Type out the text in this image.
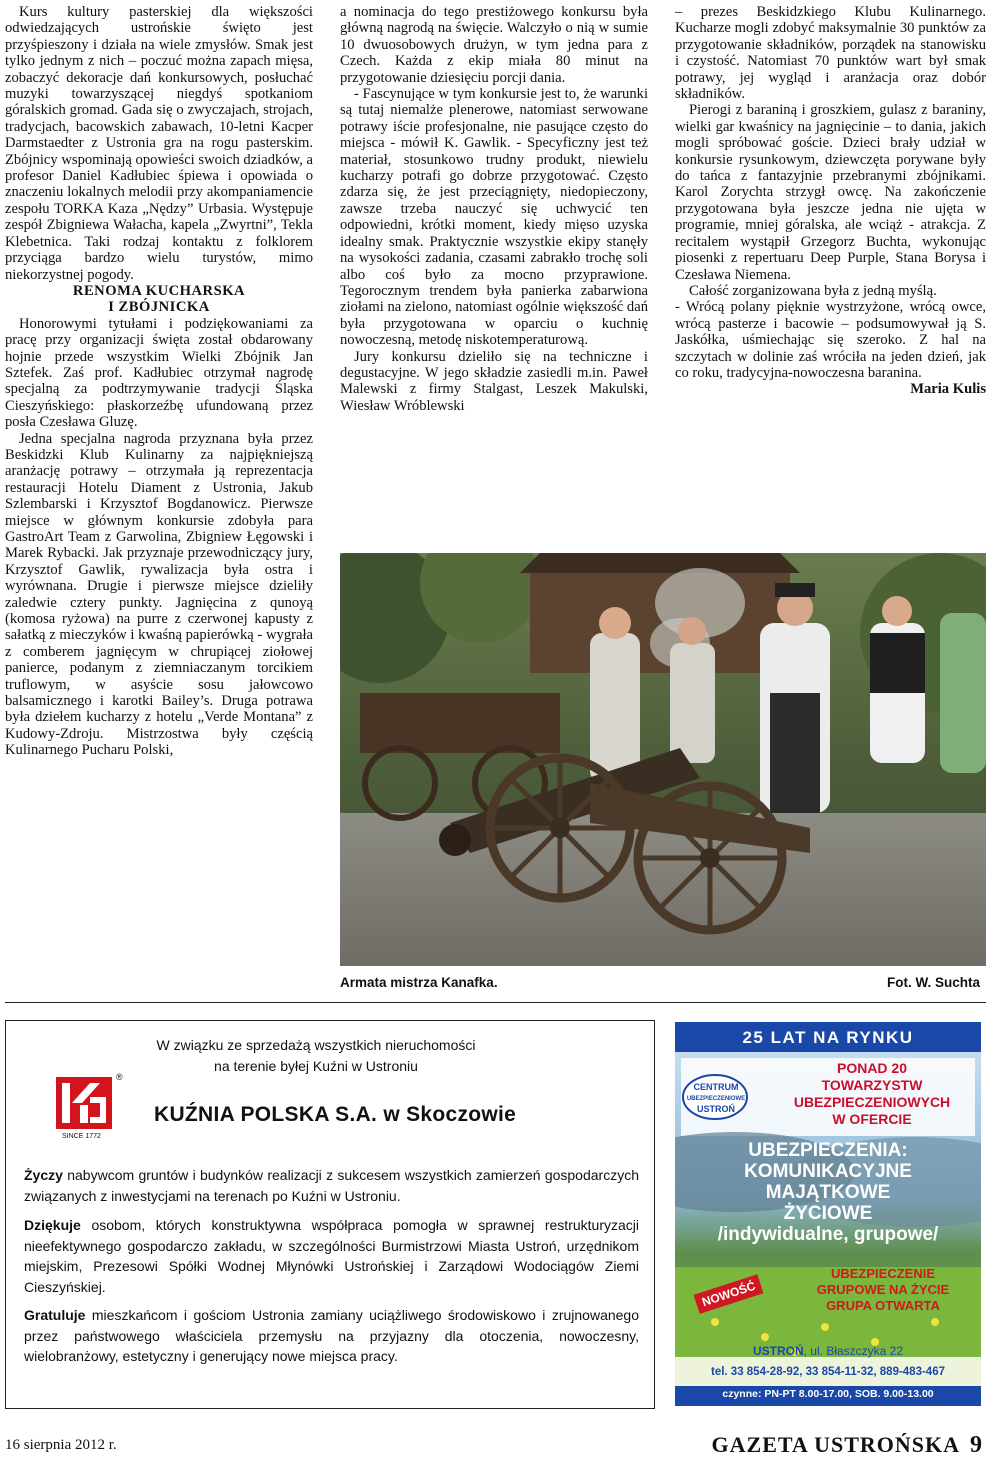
Kurs kultury pasterskiej dla większości odwiedzających ustrońskie święto jest przyśpieszony i działa na wiele zmysłów. Smak jest tylko jednym z nich – poczuć można zapach mięsa, zobaczyć dekoracje dań konkursowych, posłuchać muzyki towarzyszącej niegdyś spotkaniom góralskich gromad. Gada się o zwyczajach, strojach, tradycjach, bacowskich zabawach, 10-letni Kacper Darmstaedter z Ustronia gra na rogu pasterskim. Zbójnicy wspominają opowieści swoich dziadków, a profesor Daniel Kadłubiec śpiewa i opowiada o znaczeniu lokalnych melodii przy akompaniamencie zespołu TORKA Kaza „Nędzy” Urbasia. Występuje zespół Zbigniewa Wałacha, kapela „Zwyrtni”, Tekla Klebetnica. Taki rodzaj kontaktu z folklorem przyciąga bardzo wielu turystów, mimo niekorzystnej pogody.

RENOMA KUCHARSKA
I ZBÓJNICKA

Honorowymi tytułami i podziękowaniami za pracę przy organizacji święta został obdarowany hojnie przede wszystkim Wielki Zbójnik Jan Sztefek. Zaś prof. Kadłubiec otrzymał nagrodę specjalną za podtrzymywanie tradycji Śląska Cieszyńskiego: płaskorzeźbę ufundowaną przez posła Czesława Gluzę.

Jedna specjalna nagroda przyznana była przez Beskidzki Klub Kulinarny za najpiękniejszą aranżację potrawy – otrzymała ją reprezentacja restauracji Hotelu Diament z Ustronia, Jakub Szlembarski i Krzysztof Bogdanowicz. Pierwsze miejsce w głównym konkursie zdobyła para GastroArt Team z Garwolina, Zbigniew Łęgowski i Marek Rybacki. Jak przyznaje przewodniczący jury, Krzysztof Gawlik, rywalizacja była ostra i wyrównana. Drugie i pierwsze miejsce dzieliły zaledwie cztery punkty. Jagnięcina z qunoyą (komosa ryżowa) na purre z czerwonej kapusty z sałatką z mieczyków i kwaśną papierówką - wygrała z comberem jagnięcym w chrupiącej ziołowej panierce, podanym z ziemniaczanym torcikiem truflowym, w asyście sosu jałowcowo balsamicznego i karotki Bailey’s. Druga potrawa była dziełem kucharzy z hotelu „Verde Montana” z Kudowy-Zdroju. Mistrzostwa były częścią Kulinarnego Pucharu Polski,

a nominacja do tego prestiżowego konkursu była główną nagrodą na święcie. Walczyło o nią w sumie 10 dwuosobowych drużyn, w tym jedna para z Czech. Każda z ekip miała 80 minut na przygotowanie dziesięciu porcji dania.

- Fascynujące w tym konkursie jest to, że warunki są tutaj niemalże plenerowe, natomiast serwowane potrawy iście profesjonalne, nie pasujące często do miejsca - mówił K. Gawlik. - Specyficzny jest też materiał, stosunkowo trudny produkt, niewielu kucharzy potrafi go dobrze przygotować. Często zdarza się, że jest przeciągnięty, niedopieczony, zawsze trzeba nauczyć się uchwycić ten odpowiedni, krótki moment, kiedy mięso uzyska idealny smak. Praktycznie wszystkie ekipy stanęły na wysokości zadania, czasami zabrakło trochę soli albo coś było za mocno przyprawione. Tegorocznym trendem była panierka zabarwiona ziołami na zielono, natomiast ogólnie większość dań była przygotowana w oparciu o kuchnię nowoczesną, metodę niskotemperaturową.

Jury konkursu dzieliło się na techniczne i degustacyjne. W jego składzie zasiedli m.in. Paweł Malewski z firmy Stalgast, Leszek Makulski, Wiesław Wróblewski

– prezes Beskidzkiego Klubu Kulinarnego. Kucharze mogli zdobyć maksymalnie 30 punktów za przygotowanie składników, porządek na stanowisku i czystość. Natomiast 70 punktów wart był smak potrawy, jej wygląd i aranżacja oraz dobór składników.

Pierogi z baraniną i groszkiem, gulasz z baraniny, wielki gar kwaśnicy na jagnięcinie – to dania, jakich mogli spróbować goście. Dzieci brały udział w konkursie rysunkowym, dziewczęta porywane były do tańca z fantazyjnie przebranymi zbójnikami. Karol Zorychta strzygł owcę. Na zakończenie przygotowana była jeszcze jedna nie ujęta w programie, mniej góralska, ale wciąż - atrakcja. Z recitalem wystąpił Grzegorz Buchta, wykonując piosenki z repertuaru Deep Purple, Stana Borysa i Czesława Niemena.

Całość zorganizowana była z jedną myślą.

- Wrócą polany pięknie wystrzyżone, wrócą owce, wrócą pasterze i bacowie – podsumowywał ją S. Jaskółka, uśmiechając się szeroko. Z hal na szczytach w dolinie zaś wróciła na jeden dzień, jak co roku, tradycyjna-nowoczesna baranina.

Maria Kulis
Armata mistrza Kanafka.	Fot. W. Suchta
W związku ze sprzedażą wszystkich nieruchomości
na terenie byłej Kuźni w Ustroniu
®
SINCE 1772
KUŹNIA POLSKA S.A. w Skoczowie
Życzy nabywcom gruntów i budynków realizacji z sukcesem wszystkich zamierzeń gospodarczych związanych z inwestycjami na terenach po Kuźni w Ustroniu.
Dziękuje osobom, których konstruktywna współpraca pomogła w sprawnej restrukturyzacji nieefektywnego gospodarczo zakładu, w szczególności Burmistrzowi Miasta Ustroń, urzędnikom miejskim, Prezesowi Spółki Wodnej Młynówki Ustrońskiej i Zarządowi Wodociągów Ziemi Cieszyńskiej.
Gratuluje mieszkańcom i gościom Ustronia zamiany uciążliwego środowiskowo i zrujnowanego przez państwowego właściciela przemysłu na przyjazny dla otoczenia, nowoczesny, wielobranżowy, estetyczny i generujący nowe miejsca pracy.
25 LAT NA RYNKU
CENTRUM
UBEZPIECZENIOWE
USTROŃ
PONAD 20
TOWARZYSTW
UBEZPIECZENIOWYCH
W OFERCIE
UBEZPIECZENIA:
KOMUNIKACYJNE
MAJĄTKOWE
ŻYCIOWE
/indywidualne, grupowe/
NOWOŚĆ
UBEZPIECZENIE
GRUPOWE NA ŻYCIE
GRUPA OTWARTA
USTROŃ, ul. Błaszczyka 22
tel. 33 854-28-92, 33 854-11-32, 889-483-467
czynne: PN-PT 8.00-17.00, SOB. 9.00-13.00
16 sierpnia 2012 r.	GAZETA USTROŃSKA 9
